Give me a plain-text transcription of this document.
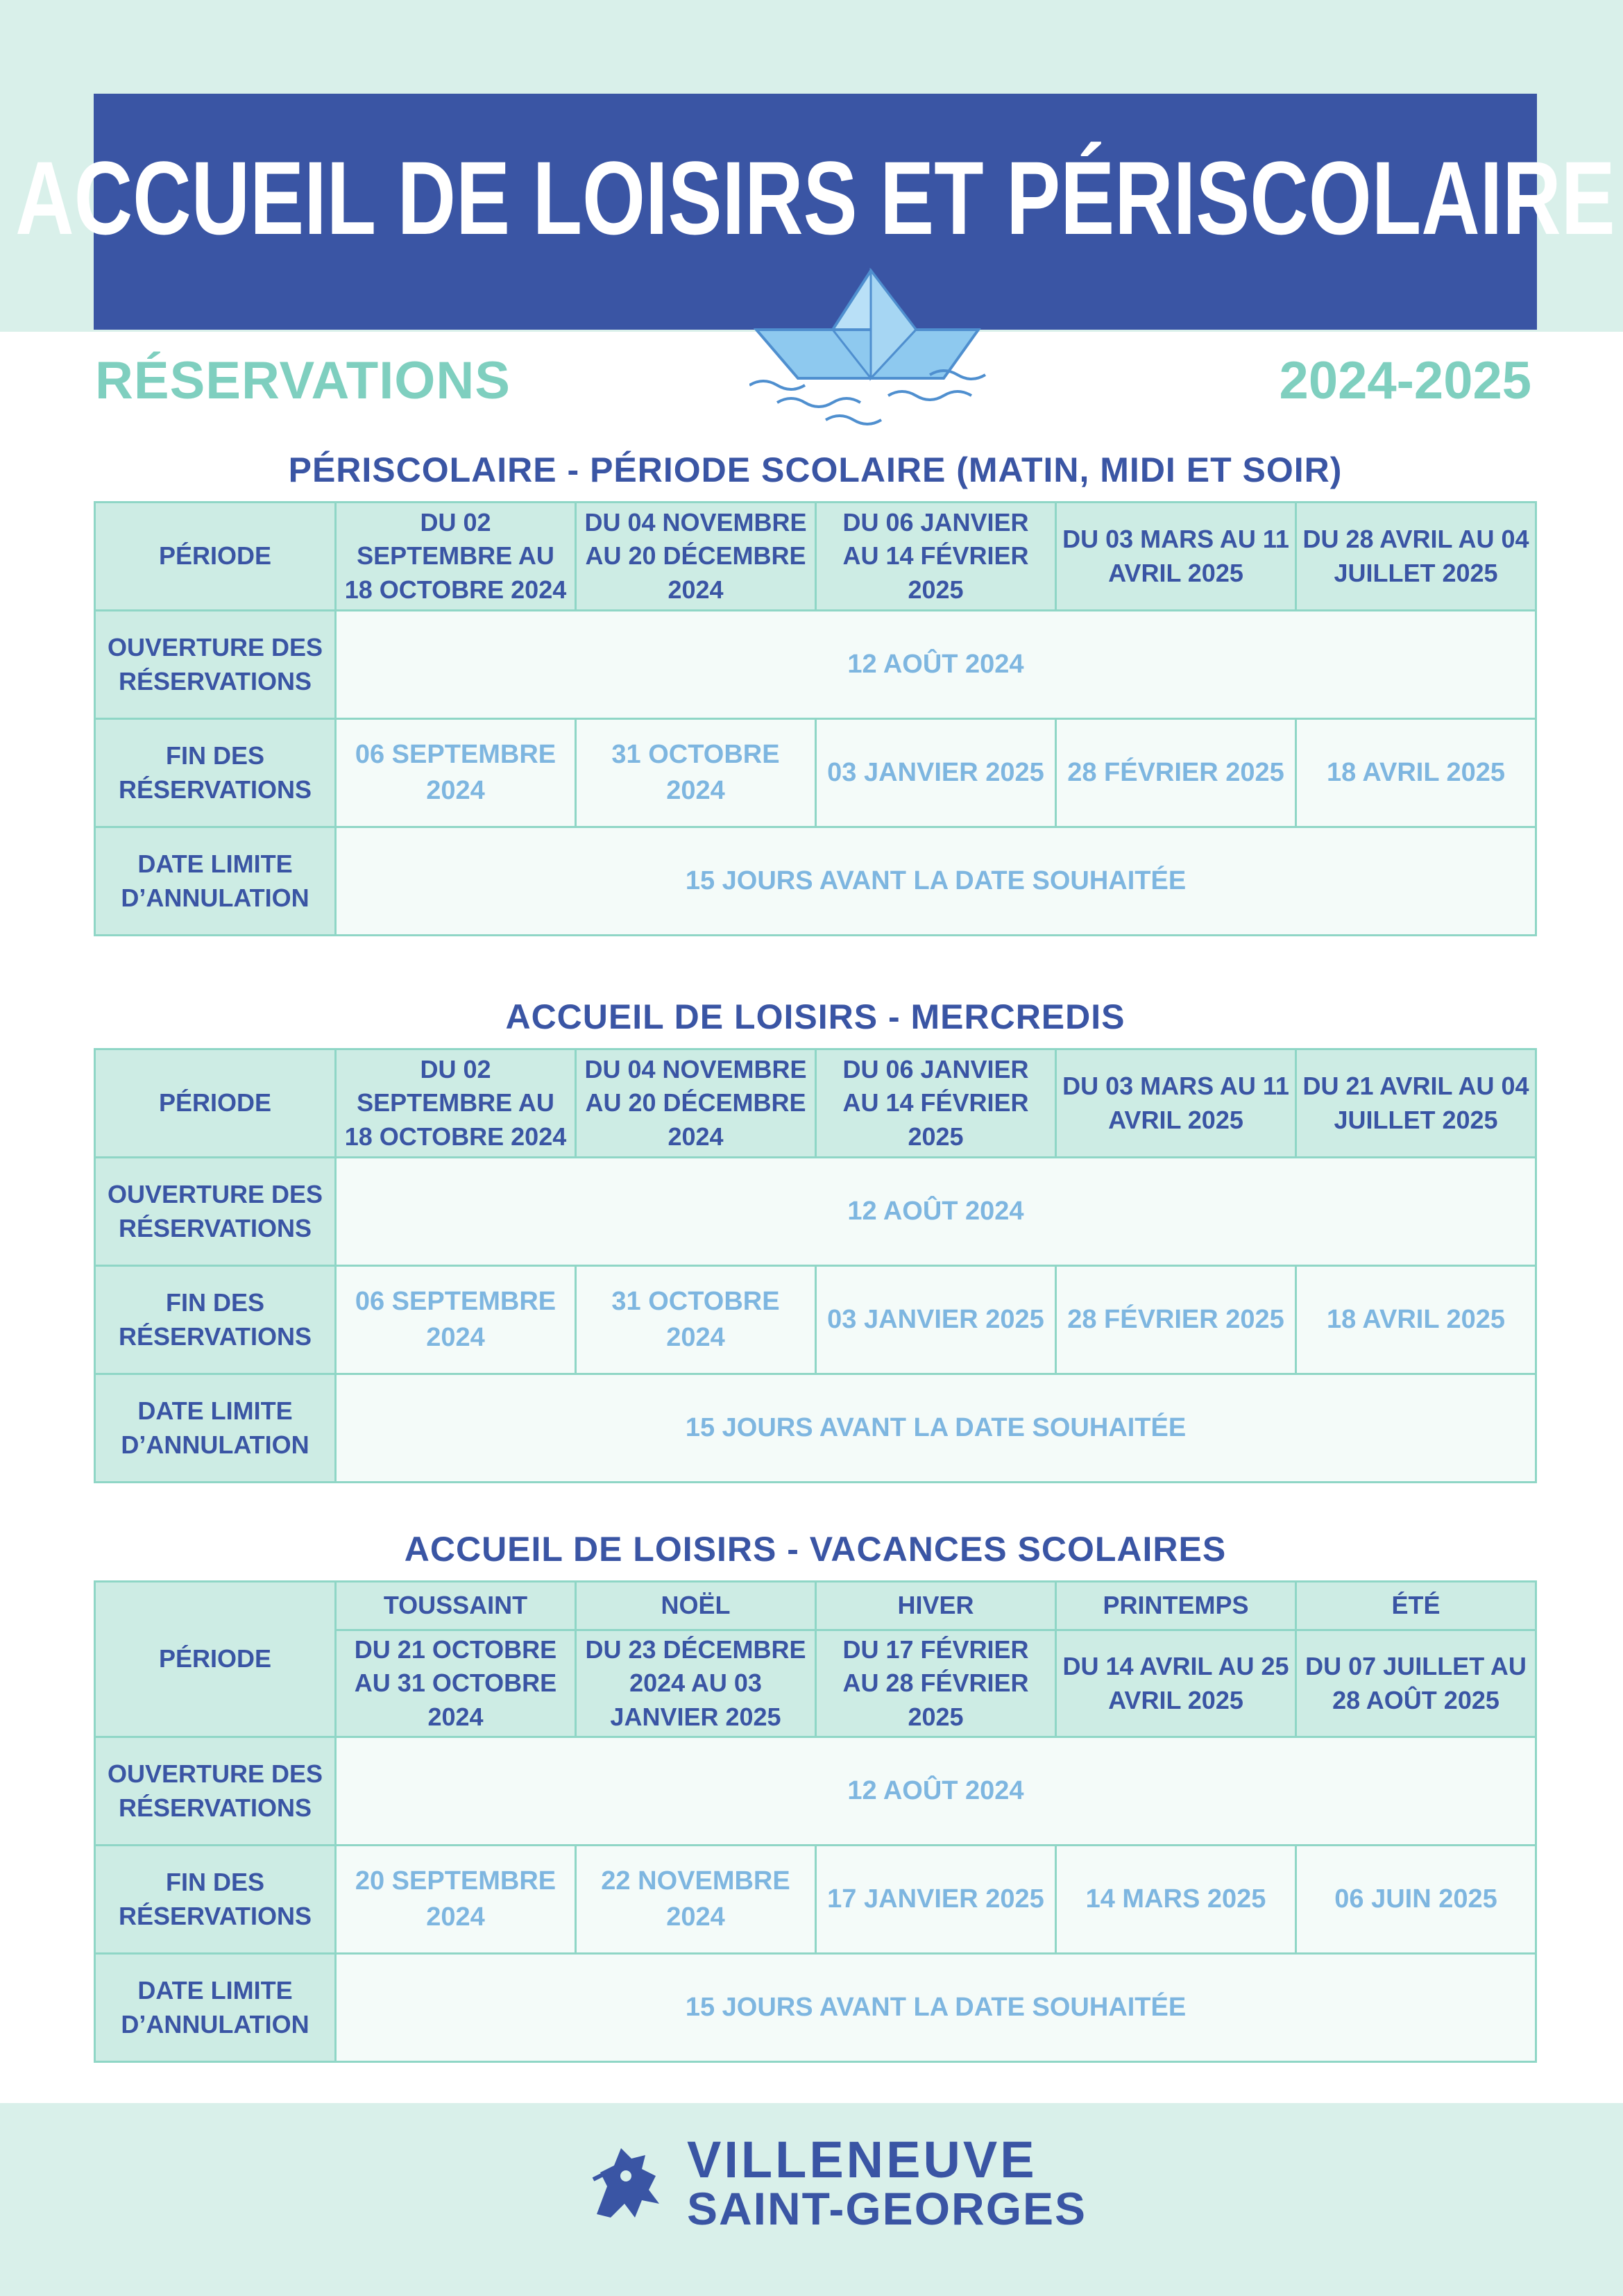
ACCUEIL DE LOISIRS ET PÉRISCOLAIRE
RÉSERVATIONS	2024-2025
PÉRISCOLAIRE - PÉRIODE SCOLAIRE (MATIN, MIDI ET SOIR)
PÉRIODE	DU 02 SEPTEMBRE AU 18 OCTOBRE 2024	DU 04 NOVEMBRE AU 20 DÉCEMBRE 2024	DU 06 JANVIER AU 14 FÉVRIER 2025	DU 03 MARS AU 11 AVRIL 2025	DU 28 AVRIL AU 04 JUILLET 2025
OUVERTURE DES RÉSERVATIONS	12 AOÛT 2024				
FIN DES RÉSERVATIONS	06 SEPTEMBRE 2024	31 OCTOBRE 2024	03 JANVIER 2025	28 FÉVRIER 2025	18 AVRIL 2025
DATE LIMITE D’ANNULATION	15 JOURS AVANT LA DATE SOUHAITÉE				
ACCUEIL DE LOISIRS - MERCREDIS
PÉRIODE	DU 02 SEPTEMBRE AU 18 OCTOBRE 2024	DU 04 NOVEMBRE AU 20 DÉCEMBRE 2024	DU 06 JANVIER AU 14 FÉVRIER 2025	DU 03 MARS AU 11 AVRIL 2025	DU 21 AVRIL AU 04 JUILLET 2025
OUVERTURE DES RÉSERVATIONS	12 AOÛT 2024				
FIN DES RÉSERVATIONS	06 SEPTEMBRE 2024	31 OCTOBRE 2024	03 JANVIER 2025	28 FÉVRIER 2025	18 AVRIL 2025
DATE LIMITE D’ANNULATION	15 JOURS AVANT LA DATE SOUHAITÉE				
ACCUEIL DE LOISIRS - VACANCES SCOLAIRES
PÉRIODE	TOUSSAINT	NOËL	HIVER	PRINTEMPS	ÉTÉ
	DU 21 OCTOBRE AU 31 OCTOBRE 2024	DU 23 DÉCEMBRE 2024 AU 03 JANVIER 2025	DU 17 FÉVRIER AU 28 FÉVRIER 2025	DU 14 AVRIL AU 25 AVRIL 2025	DU 07 JUILLET AU 28 AOÛT 2025
OUVERTURE DES RÉSERVATIONS	12 AOÛT 2024				
FIN DES RÉSERVATIONS	20 SEPTEMBRE 2024	22 NOVEMBRE 2024	17 JANVIER 2025	14 MARS 2025	06 JUIN 2025
DATE LIMITE D’ANNULATION	15 JOURS AVANT LA DATE SOUHAITÉE				
VILLENEUVE
SAINT-GEORGES
